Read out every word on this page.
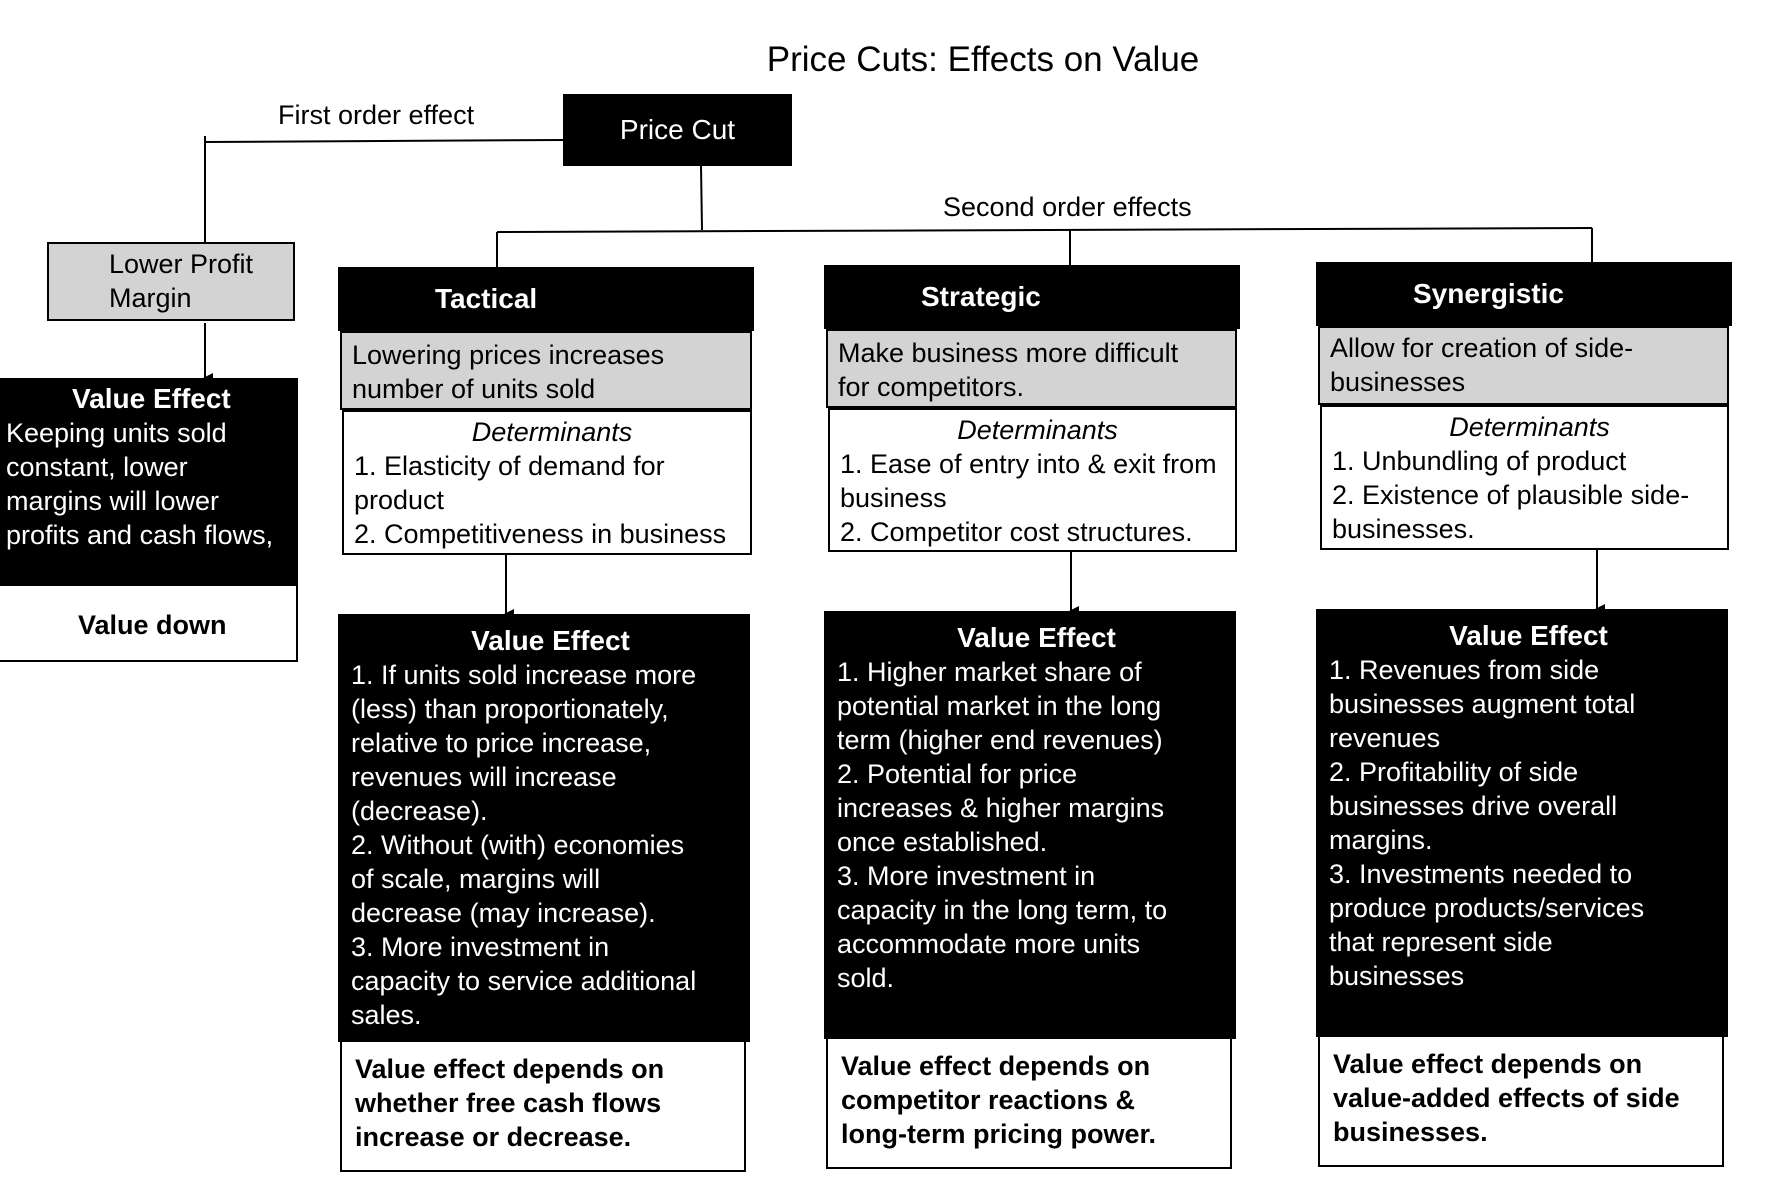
Price Cuts: Effects on Value
Price Cut
First order effect
Second order effects
Lower Profit
Margin
Value Effect
Keeping units sold
constant, lower
margins will lower
profits and cash flows,
Value down
Tactical
Lowering prices increases
number of units sold
Determinants
1. Elasticity of demand for
product
2. Competitiveness in business
Value Effect
1. If units sold increase more
(less) than proportionately,
relative to price increase,
revenues will increase
(decrease).
2. Without (with) economies
of scale, margins will
decrease (may increase).
3. More investment in
capacity to service additional
sales.
Value effect depends on
whether free cash flows
increase or decrease.
Strategic
Make business more difficult
for competitors.
Determinants
1. Ease of entry into & exit from
business
2. Competitor cost structures.
Value Effect
1. Higher market share of
potential market in the long
term (higher end revenues)
2. Potential for price
increases & higher margins
once established.
3. More investment in
capacity in the long term, to
accommodate more units
sold.
Value effect depends on
competitor reactions &
long-term pricing power.
Synergistic
Allow for creation of side-
businesses
Determinants
1. Unbundling of product
2. Existence of plausible side-
businesses.
Value Effect
1. Revenues from side
businesses augment total
revenues
2. Profitability of side
businesses drive overall
margins.
3. Investments needed to
produce products/services
that represent side
businesses
Value effect depends on
value-added effects of side
businesses.
